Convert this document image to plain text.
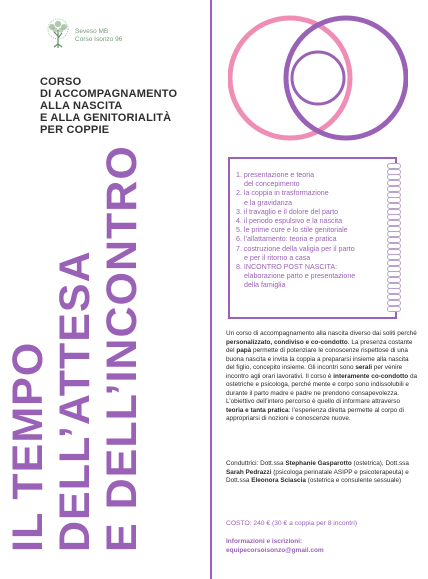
Seveso MB
Corso Isonzo 96
CORSO
DI ACCOMPAGNAMENTO
ALLA NASCITA
E ALLA GENITORIALITÀ
PER COPPIE
IL TEMPO DELL’ATTESA E DELL’INCONTRO	1. presentazione e teoria
del concepimento
2. la coppia in trasformazione
e la gravidanza
3. il travaglio e il dolore del parto
4. il periodo espulsivo e la nascita
5. le prime cure e lo stile genitoriale
6. l’allattamento: teoria e pratica
7. costruzione della valigia per il parto
e per il ritorno a casa
8. INCONTRO POST NASCITA:
elaborazione parto e presentazione
della famiglia
Un corso di accompagnamento alla nascita diverso dai soliti perché personalizzato, condiviso e co-condotto. La presenza costante del papà permette di potenziare le conoscenze rispettose di una buona nascita e invita la coppia a prepararsi insieme alla nascita del figlio, concepito insieme. Gli incontri sono serali per venire incontro agli orari lavorativi. Il corso è interamente co-condotto da ostetriche e psicologa, perché mente e corpo sono indissolubili e durante il parto madre e padre ne prendono consapevolezza. L’obiettivo dell’intero percorso è quello di informare attraverso teoria e tanta pratica: l’esperienza diretta permette al corpo di appropriarsi di nozioni e conoscenze nuove.
Conduttrici: Dott.ssa Stephanie Gasparotto (ostetrica), Dott.ssa Sarah Pedrazzi (psicologa perinatale ASIPP e psicoterapeuta) e Dott.ssa Eleonora Sciascia (ostetrica e consulente sessuale)
COSTO: 240 € (30 € a coppia per 8 incontri)
Informazioni e iscrizioni:
equipecorsoisonzo@gmail.com
